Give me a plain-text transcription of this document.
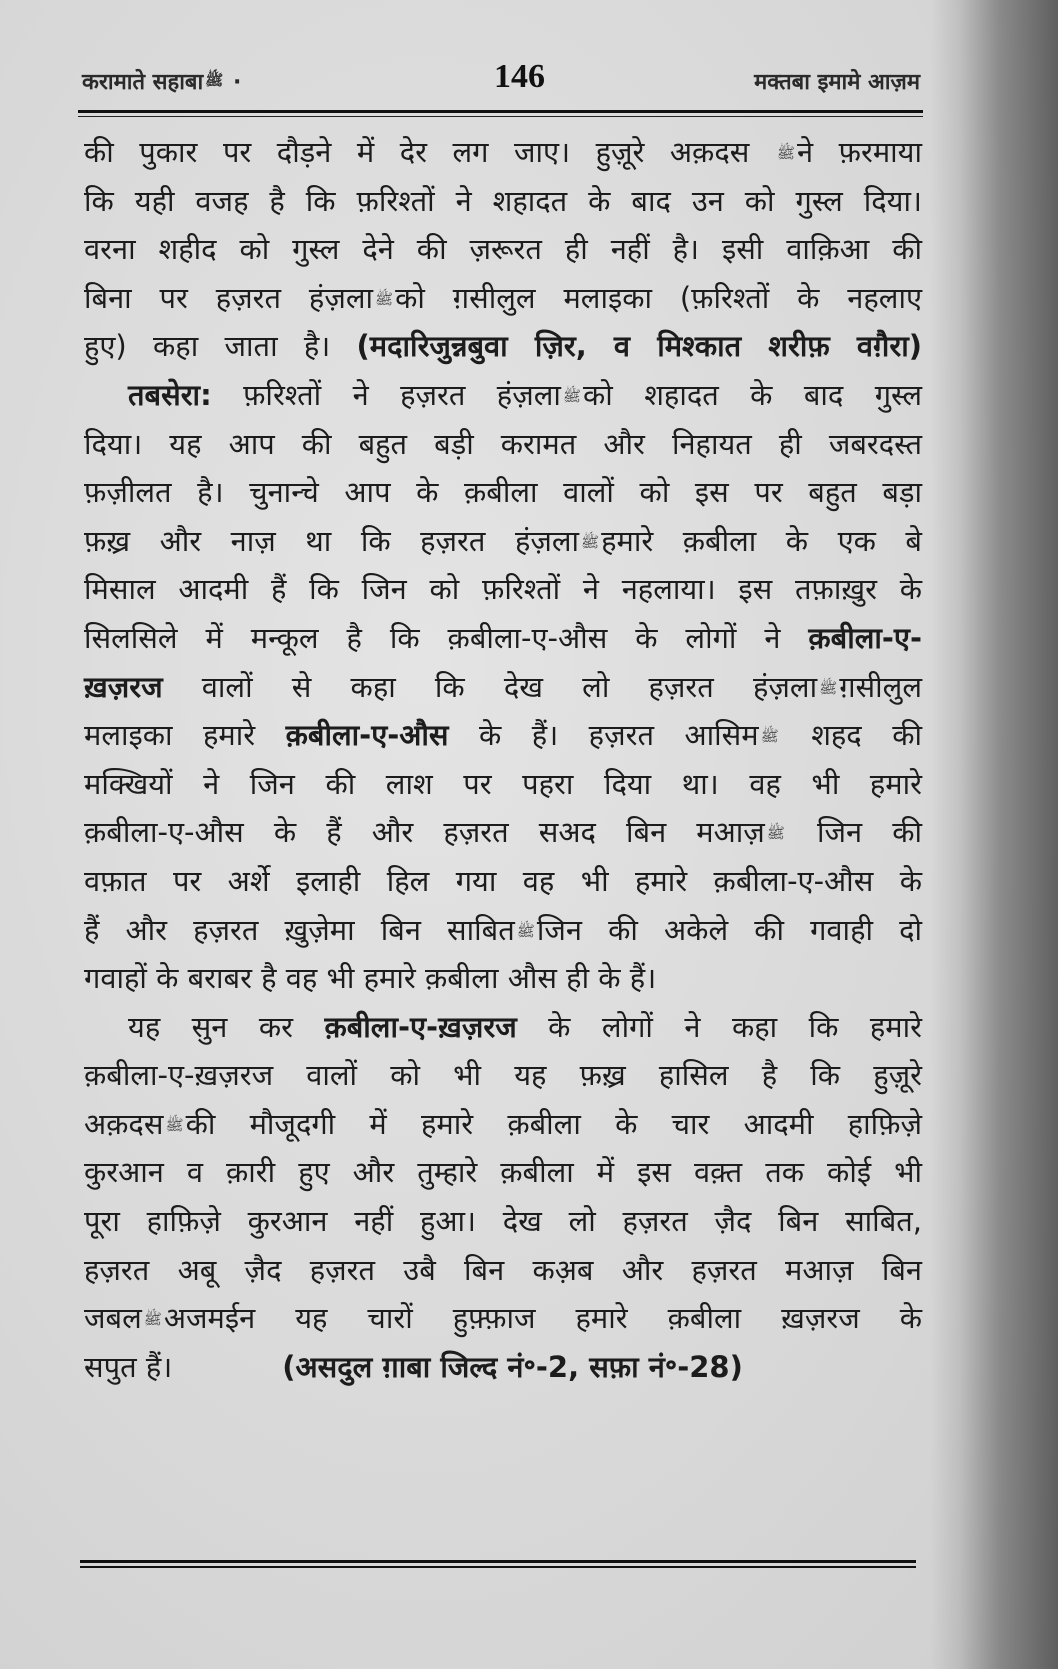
करामाते सहाबा ﷺ ·	146	मक्तबा इमामे आज़म
की पुकार पर दौड़ने में देर लग जाए। हुज़ूरे अक़दस ﷺने फ़रमाया
कि यही वजह है कि फ़रिश्तों ने शहादत के बाद उन को गुस्ल दिया।
वरना शहीद को गुस्ल देने की ज़रूरत ही नहीं है। इसी वाक़िआ की
बिना पर हज़रत हंज़ला ﷺको ग़सीलुल मलाइका (फ़रिश्तों के नहलाए
हुए) कहा जाता है। (मदारिजुन्नबुवा ज़िर, व मिश्कात शरीफ़ वग़ैरा)
तबसेरा: फ़रिश्तों ने हज़रत हंज़ला ﷺको शहादत के बाद गुस्ल
दिया। यह आप की बहुत बड़ी करामत और निहायत ही जबरदस्त
फ़ज़ीलत है। चुनान्चे आप के क़बीला वालों को इस पर बहुत बड़ा
फ़ख़्र और नाज़ था कि हज़रत हंज़ला ﷺहमारे क़बीला के एक बे
मिसाल आदमी हैं कि जिन को फ़रिश्तों ने नहलाया। इस तफ़ाख़ुर के
सिलसिले में मन्कूल है कि क़बीला-ए-औस के लोगों ने क़बीला-ए-
ख़ज़रज वालों से कहा कि देख लो हज़रत हंज़ला ﷺग़सीलुल
मलाइका हमारे क़बीला-ए-औस के हैं। हज़रत आसिम ﷺ शहद की
मक्खियों ने जिन की लाश पर पहरा दिया था। वह भी हमारे
क़बीला-ए-औस के हैं और हज़रत सअद बिन मआज़ ﷺ जिन की
वफ़ात पर अर्शे इलाही हिल गया वह भी हमारे क़बीला-ए-औस के
हैं और हज़रत ख़ुज़ेमा बिन साबित ﷺजिन की अकेले की गवाही दो
गवाहों के बराबर है वह भी हमारे क़बीला औस ही के हैं।
यह सुन कर क़बीला-ए-ख़ज़रज के लोगों ने कहा कि हमारे
क़बीला-ए-ख़ज़रज वालों को भी यह फ़ख़्र हासिल है कि हुज़ूरे
अक़दस ﷺकी मौजूदगी में हमारे क़बीला के चार आदमी हाफ़िज़े
कुरआन व क़ारी हुए और तुम्हारे क़बीला में इस वक़्त तक कोई भी
पूरा हाफ़िज़े कुरआन नहीं हुआ। देख लो हज़रत ज़ैद बिन साबित,
हज़रत अबू ज़ैद हज़रत उबै बिन कअ़ब और हज़रत मआज़ बिन
जबल ﷺअजमईन यह चारों हुफ़्फ़ाज हमारे क़बीला ख़ज़रज के
सपुत हैं।	(असदुल ग़ाबा जिल्द नं॰-2, सफ़ा नं॰-28)
